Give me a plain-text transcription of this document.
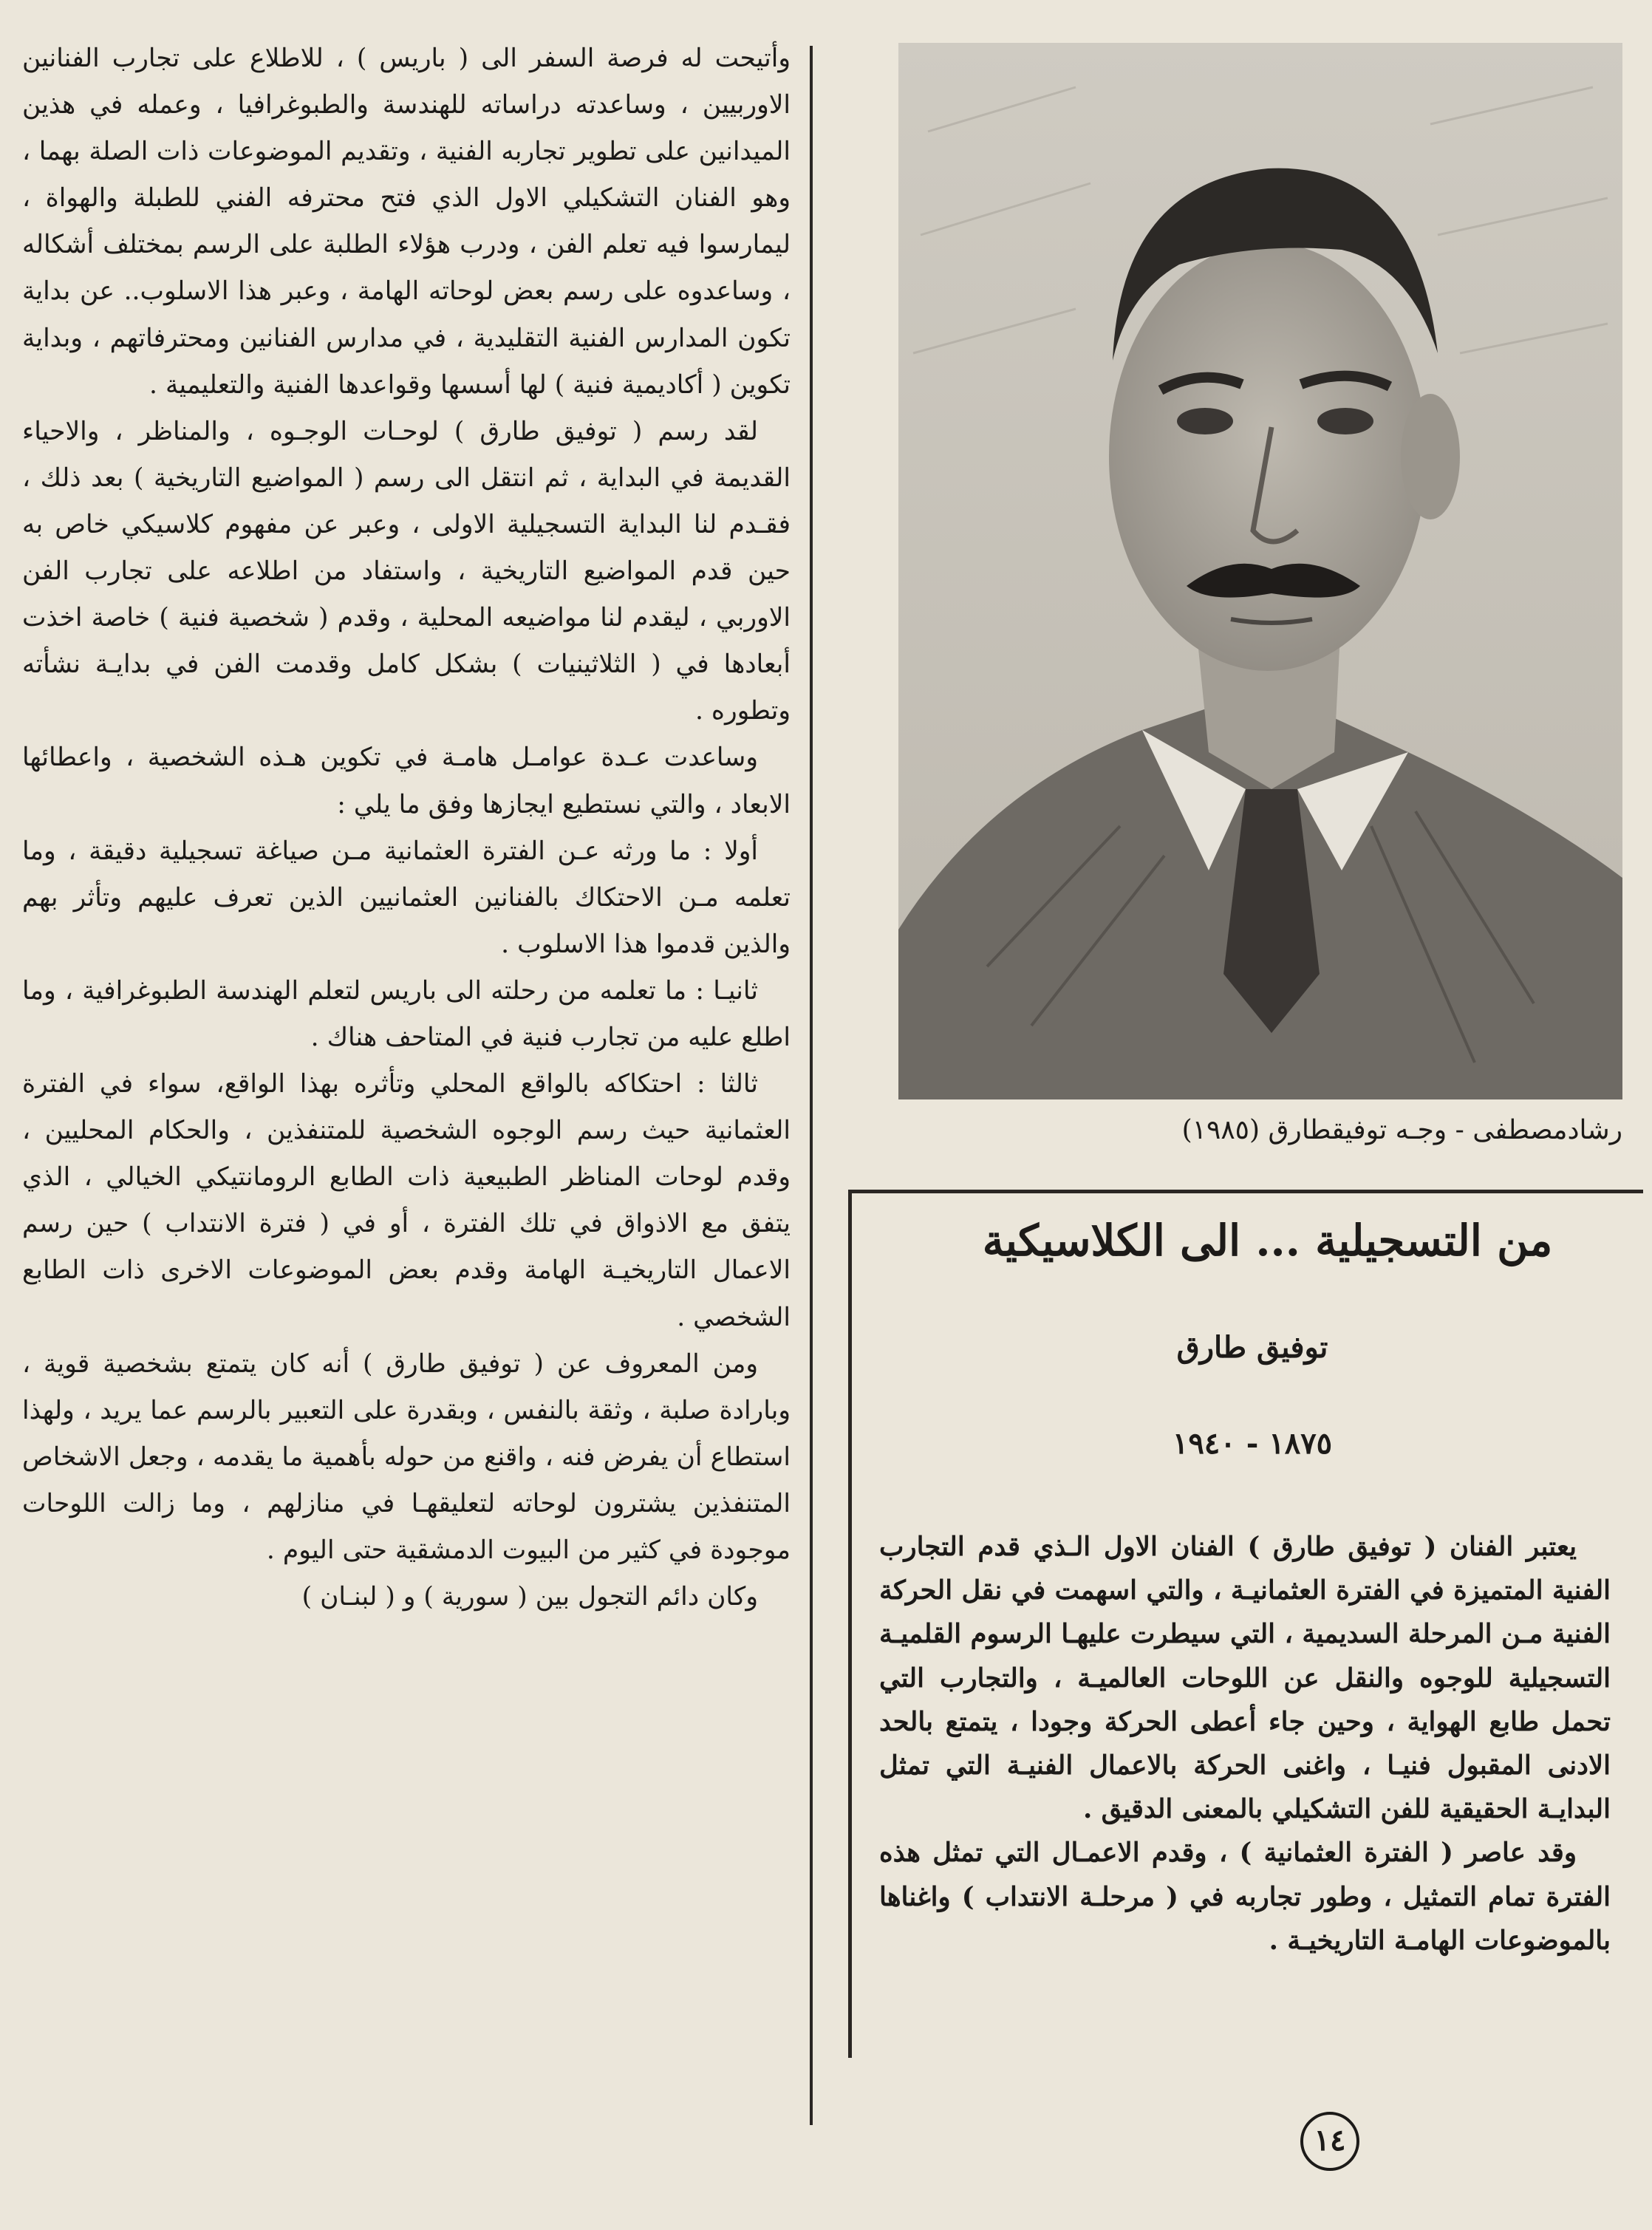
وأتيحت له فرصة السفر الى ( باريس ) ، للاطلاع على تجارب الفنانين الاوربيين ، وساعدته دراساته للهندسة والطبوغرافيا ، وعمله في هذين الميدانين على تطوير تجاربه الفنية ، وتقديم الموضوعات ذات الصلة بهما ، وهو الفنان التشكيلي الاول الذي فتح محترفه الفني للطبلة والهواة ، ليمارسوا فيه تعلم الفن ، ودرب هؤلاء الطلبة على الرسم بمختلف أشكاله ، وساعدوه على رسم بعض لوحاته الهامة ، وعبر هذا الاسلوب.. عن بداية تكون المدارس الفنية التقليدية ، في مدارس الفنانين ومحترفاتهم ، وبداية تكوين ( أكاديمية فنية ) لها أسسها وقواعدها الفنية والتعليمية .

لقد رسم ( توفيق طارق ) لوحـات الوجـوه ، والمناظر ، والاحياء القديمة في البداية ، ثم انتقل الى رسم ( المواضيع التاريخية ) بعد ذلك ، فقـدم لنا البداية التسجيلية الاولى ، وعبر عن مفهوم كلاسيكي خاص به حين قدم المواضيع التاريخية ، واستفاد من اطلاعه على تجارب الفن الاوربي ، ليقدم لنا مواضيعه المحلية ، وقدم ( شخصية فنية ) خاصة اخذت أبعادها في ( الثلاثينيات ) بشكل كامل وقدمت الفن في بدايـة نشأته وتطوره .

وساعدت عـدة عوامـل هامـة في تكوين هـذه الشخصية ، واعطائها الابعاد ، والتي نستطيع ايجازها وفق ما يلي :

أولا : ما ورثه عـن الفترة العثمانية مـن صياغة تسجيلية دقيقة ، وما تعلمه مـن الاحتكاك بالفنانين العثمانيين الذين تعرف عليهم وتأثر بهم والذين قدموا هذا الاسلوب .

ثانيـا : ما تعلمه من رحلته الى باريس لتعلم الهندسة الطبوغرافية ، وما اطلع عليه من تجارب فنية في المتاحف هناك .

ثالثا : احتكاكه بالواقع المحلي وتأثره بهذا الواقع، سواء في الفترة العثمانية حيث رسم الوجوه الشخصية للمتنفذين ، والحكام المحليين ، وقدم لوحات المناظر الطبيعية ذات الطابع الرومانتيكي الخيالي ، الذي يتفق مع الاذواق في تلك الفترة ، أو في ( فترة الانتداب ) حين رسم الاعمال التاريخيـة الهامة وقدم بعض الموضوعات الاخرى ذات الطابع الشخصي .

ومن المعروف عن ( توفيق طارق ) أنه كان يتمتع بشخصية قوية ، وبارادة صلبة ، وثقة بالنفس ، وبقدرة على التعبير بالرسم عما يريد ، ولهذا استطاع أن يفرض فنه ، واقنع من حوله بأهمية ما يقدمه ، وجعل الاشخاص المتنفذين يشترون لوحاته لتعليقهـا في منازلهم ، وما زالت اللوحات موجودة في كثير من البيوت الدمشقية حتى اليوم .

وكان دائم التجول بين ( سورية ) و ( لبنـان )

رشادمصطفى - وجـه توفيقطارق (١٩٨٥)
من التسجيلية ... الى الكلاسيكية
توفيق طارق
١٨٧٥ - ١٩٤٠

يعتبر الفنان ( توفيق طارق ) الفنان الاول الـذي قدم التجارب الفنية المتميزة في الفترة العثمانيـة ، والتي اسهمت في نقل الحركة الفنية مـن المرحلة السديمية ، التي سيطرت عليهـا الرسوم القلميـة التسجيلية للوجوه والنقل عن اللوحات العالميـة ، والتجارب التي تحمل طابع الهواية ، وحين جاء أعطى الحركة وجودا ، يتمتع بالحد الادنى المقبول فنيـا ، واغنى الحركة بالاعمال الفنيـة التي تمثل البدايـة الحقيقية للفن التشكيلي بالمعنى الدقيق .

وقد عاصر ( الفترة العثمانية ) ، وقدم الاعمـال التي تمثل هذه الفترة تمام التمثيل ، وطور تجاربه في ( مرحلـة الانتداب ) واغناها بالموضوعات الهامـة التاريخيـة .

١٤
